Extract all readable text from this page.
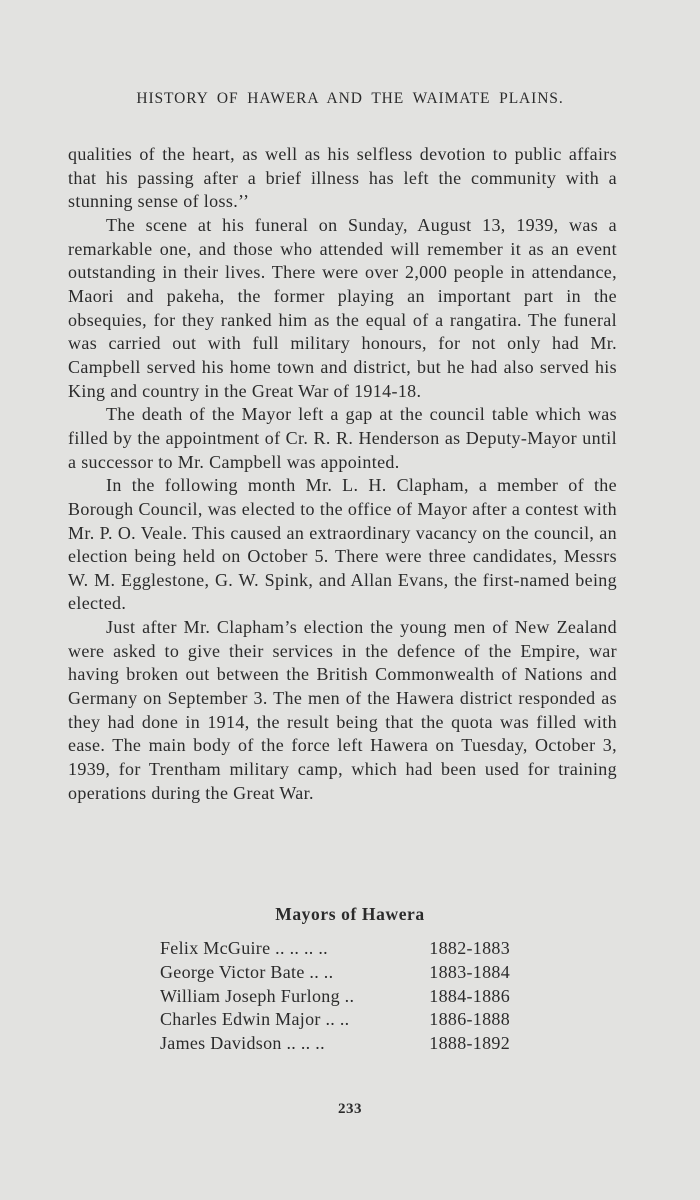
HISTORY OF HAWERA AND THE WAIMATE PLAINS.

qualities of the heart, as well as his selfless devotion to public affairs that his passing after a brief illness has left the community with a stunning sense of loss.’’

The scene at his funeral on Sunday, August 13, 1939, was a remarkable one, and those who attended will remember it as an event outstanding in their lives. There were over 2,000 people in attendance, Maori and pakeha, the former playing an important part in the obsequies, for they ranked him as the equal of a rangatira. The funeral was carried out with full military honours, for not only had Mr. Campbell served his home town and district, but he had also served his King and country in the Great War of 1914-18.

The death of the Mayor left a gap at the council table which was filled by the appointment of Cr. R. R. Henderson as Deputy-Mayor until a successor to Mr. Campbell was appointed.

In the following month Mr. L. H. Clapham, a member of the Borough Council, was elected to the office of Mayor after a contest with Mr. P. O. Veale. This caused an extraordinary vacancy on the council, an election being held on October 5. There were three candidates, Messrs W. M. Egglestone, G. W. Spink, and Allan Evans, the first-named being elected.

Just after Mr. Clapham’s election the young men of New Zealand were asked to give their services in the defence of the Empire, war having broken out between the British Commonwealth of Nations and Germany on September 3. The men of the Hawera district responded as they had done in 1914, the result being that the quota was filled with ease. The main body of the force left Hawera on Tuesday, October 3, 1939, for Trentham military camp, which had been used for training operations during the Great War.

Mayors of Hawera
Felix McGuire .. .. .. ..	1882-1883
George Victor Bate .. ..	1883-1884
William Joseph Furlong ..	1884-1886
Charles Edwin Major .. ..	1886-1888
James Davidson .. .. ..	1888-1892
233
